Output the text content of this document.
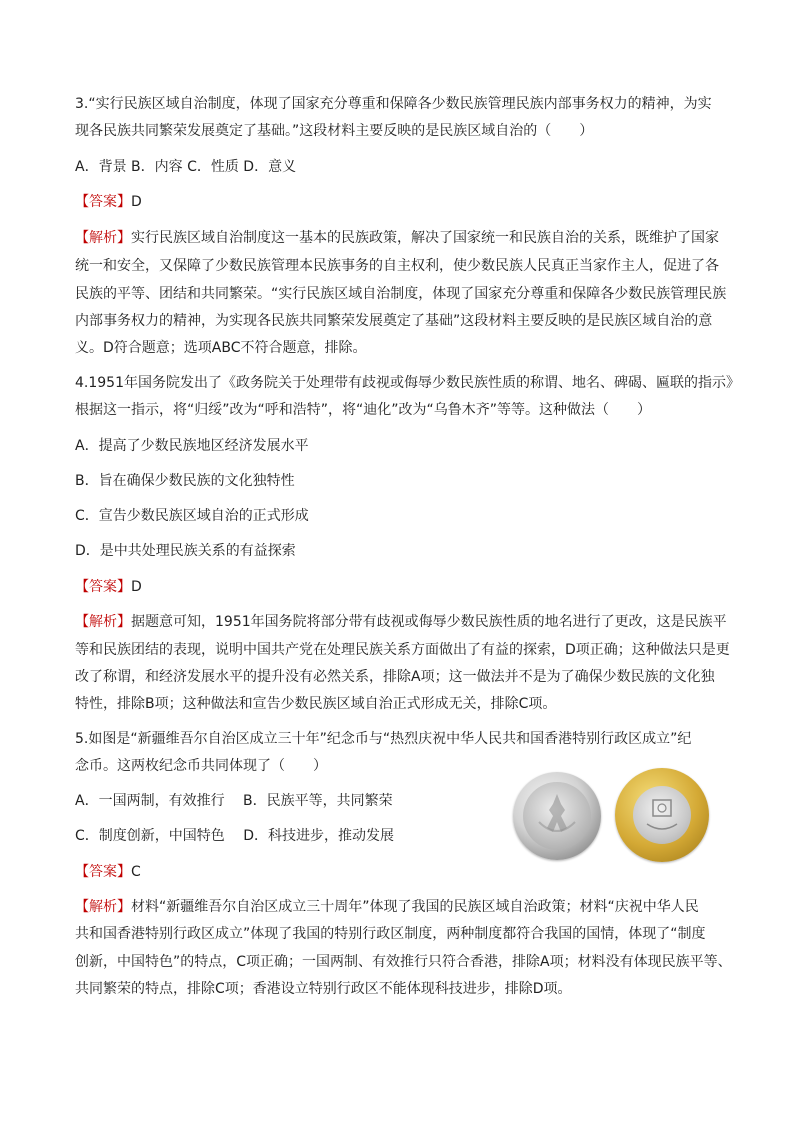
3.“实行民族区域自治制度，体现了国家充分尊重和保障各少数民族管理民族内部事务权力的精神，为实
现各民族共同繁荣发展奠定了基础。”这段材料主要反映的是民族区域自治的（　　）
A．背景 B．内容 C．性质 D．意义
【答案】D
【解析】实行民族区域自治制度这一基本的民族政策，解决了国家统一和民族自治的关系，既维护了国家
统一和安全，又保障了少数民族管理本民族事务的自主权利，使少数民族人民真正当家作主人，促进了各
民族的平等、团结和共同繁荣。“实行民族区域自治制度，体现了国家充分尊重和保障各少数民族管理民族
内部事务权力的精神，为实现各民族共同繁荣发展奠定了基础”这段材料主要反映的是民族区域自治的意
义。D符合题意；选项ABC不符合题意，排除。
4.1951年国务院发出了《政务院关于处理带有歧视或侮辱少数民族性质的称谓、地名、碑碣、匾联的指示》
根据这一指示，将“归绥”改为“呼和浩特”，将“迪化”改为“乌鲁木齐”等等。这种做法（　　）
A．提高了少数民族地区经济发展水平
B．旨在确保少数民族的文化独特性
C．宣告少数民族区域自治的正式形成
D．是中共处理民族关系的有益探索
【答案】D
【解析】据题意可知，1951年国务院将部分带有歧视或侮辱少数民族性质的地名进行了更改，这是民族平
等和民族团结的表现，说明中国共产党在处理民族关系方面做出了有益的探索，D项正确；这种做法只是更
改了称谓，和经济发展水平的提升没有必然关系，排除A项；这一做法并不是为了确保少数民族的文化独
特性，排除B项；这种做法和宣告少数民族区域自治正式形成无关，排除C项。
5.如图是“新疆维吾尔自治区成立三十年”纪念币与“热烈庆祝中华人民共和国香港特别行政区成立”纪
念币。这两枚纪念币共同体现了（　　）
A．一国两制，有效推行　 B．民族平等，共同繁荣
C．制度创新，中国特色　 D．科技进步，推动发展
【答案】C
【解析】材料“新疆维吾尔自治区成立三十周年”体现了我国的民族区域自治政策；材料“庆祝中华人民
共和国香港特别行政区成立”体现了我国的特别行政区制度，两种制度都符合我国的国情，体现了“制度
创新，中国特色”的特点，C项正确；一国两制、有效推行只符合香港，排除A项；材料没有体现民族平等、
共同繁荣的特点，排除C项；香港设立特别行政区不能体现科技进步，排除D项。
